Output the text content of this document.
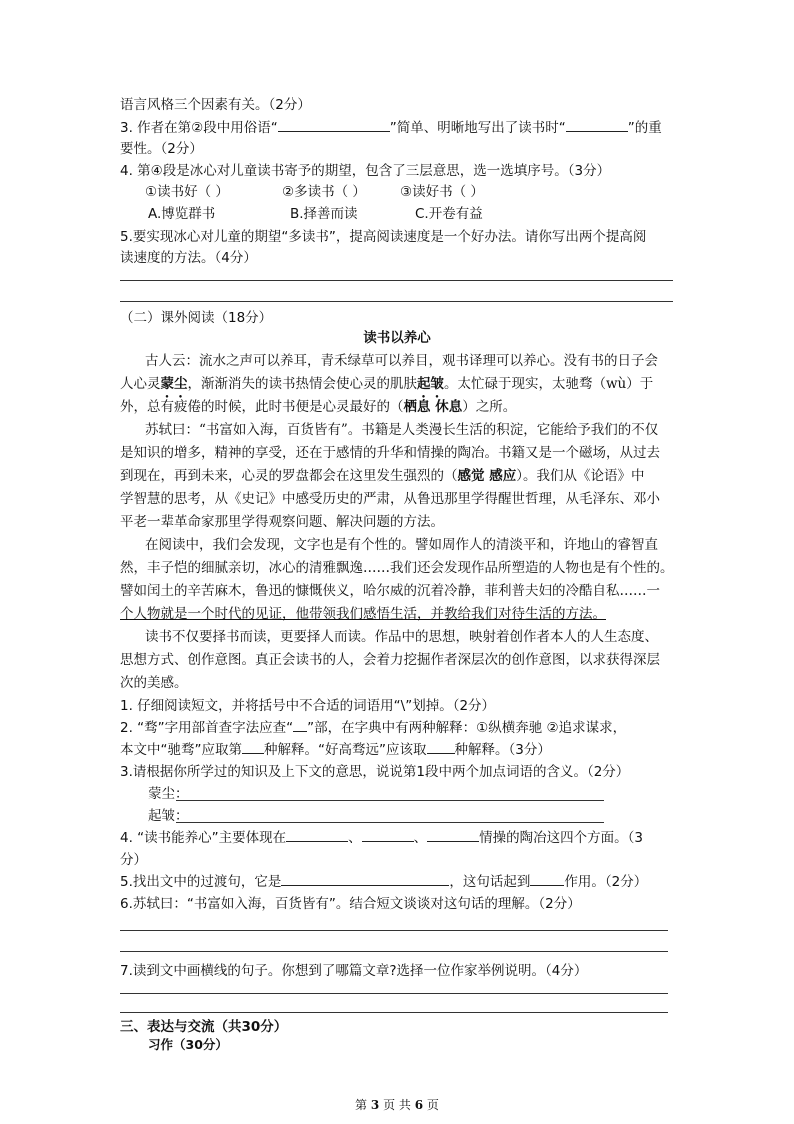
语言风格三个因素有关。（2分）
3. 作者在第②段中用俗语“	”简单、明晰地写出了读书时“	”的重
要性。（2分）
4. 第④段是冰心对儿童读书寄予的期望，包含了三层意思，选一选填序号。（3分）
①读书好（ ）	②多读书（ ）	③读好书（ ）
A.博览群书	B.择善而读	C.开卷有益
5.要实现冰心对儿童的期望“多读书”，提高阅读速度是一个好办法。请你写出两个提高阅
读速度的方法。（4分）
（二）课外阅读（18分）
读书以养心
古人云：流水之声可以养耳，青禾绿草可以养目，观书译理可以养心。没有书的日子会
人心灵蒙尘，渐渐消失的读书热情会使心灵的肌肤起皱。太忙碌于现实，太驰骛（wù）于
外，总有疲倦的时候，此时书便是心灵最好的（栖息 休息）之所。
苏轼曰：“书富如入海，百货皆有”。书籍是人类漫长生活的积淀，它能给予我们的不仅
是知识的增多，精神的享受，还在于感情的升华和情操的陶冶。书籍又是一个磁场，从过去
到现在，再到未来，心灵的罗盘都会在这里发生强烈的（感觉 感应）。我们从《论语》中
学智慧的思考，从《史记》中感受历史的严肃，从鲁迅那里学得醒世哲理，从毛泽东、邓小
平老一辈革命家那里学得观察问题、解决问题的方法。
在阅读中，我们会发现，文字也是有个性的。譬如周作人的清淡平和，许地山的睿智直
然，丰子恺的细腻亲切，冰心的清雅飘逸……我们还会发现作品所塑造的人物也是有个性的。
譬如闰土的辛苦麻木，鲁迅的慷慨侠义，哈尔威的沉着冷静，菲利普夫妇的冷酷自私……一
个人物就是一个时代的见证，他带领我们感悟生活，并教给我们对待生活的方法。
读书不仅要择书而读，更要择人而读。作品中的思想，映射着创作者本人的人生态度、
思想方式、创作意图。真正会读书的人，会着力挖掘作者深层次的创作意图，以求获得深层
次的美感。
1. 仔细阅读短文，并将括号中不合适的词语用“\”划掉。（2分）
2. “骛”字用部首查字法应查“ ”部，在字典中有两种解释：①纵横奔驰 ②追求谋求，
本文中“驰骛”应取第 种解释。“好高骛远”应该取 种解释。（3分）
3.请根据你所学过的知识及上下文的意思，说说第1段中两个加点词语的含义。（2分）
蒙尘：
起皱：
4. “读书能养心”主要体现在	、	、	情操的陶冶这四个方面。（3
分）
5.找出文中的过渡句，它是	，这句话起到	作用。（2分）
6.苏轼曰：“书富如入海，百货皆有”。结合短文谈谈对这句话的理解。（2分）
7.读到文中画横线的句子。你想到了哪篇文章?选择一位作家举例说明。（4分）
三、表达与交流（共30分）
习作（30分）
第 3 页 共 6 页
